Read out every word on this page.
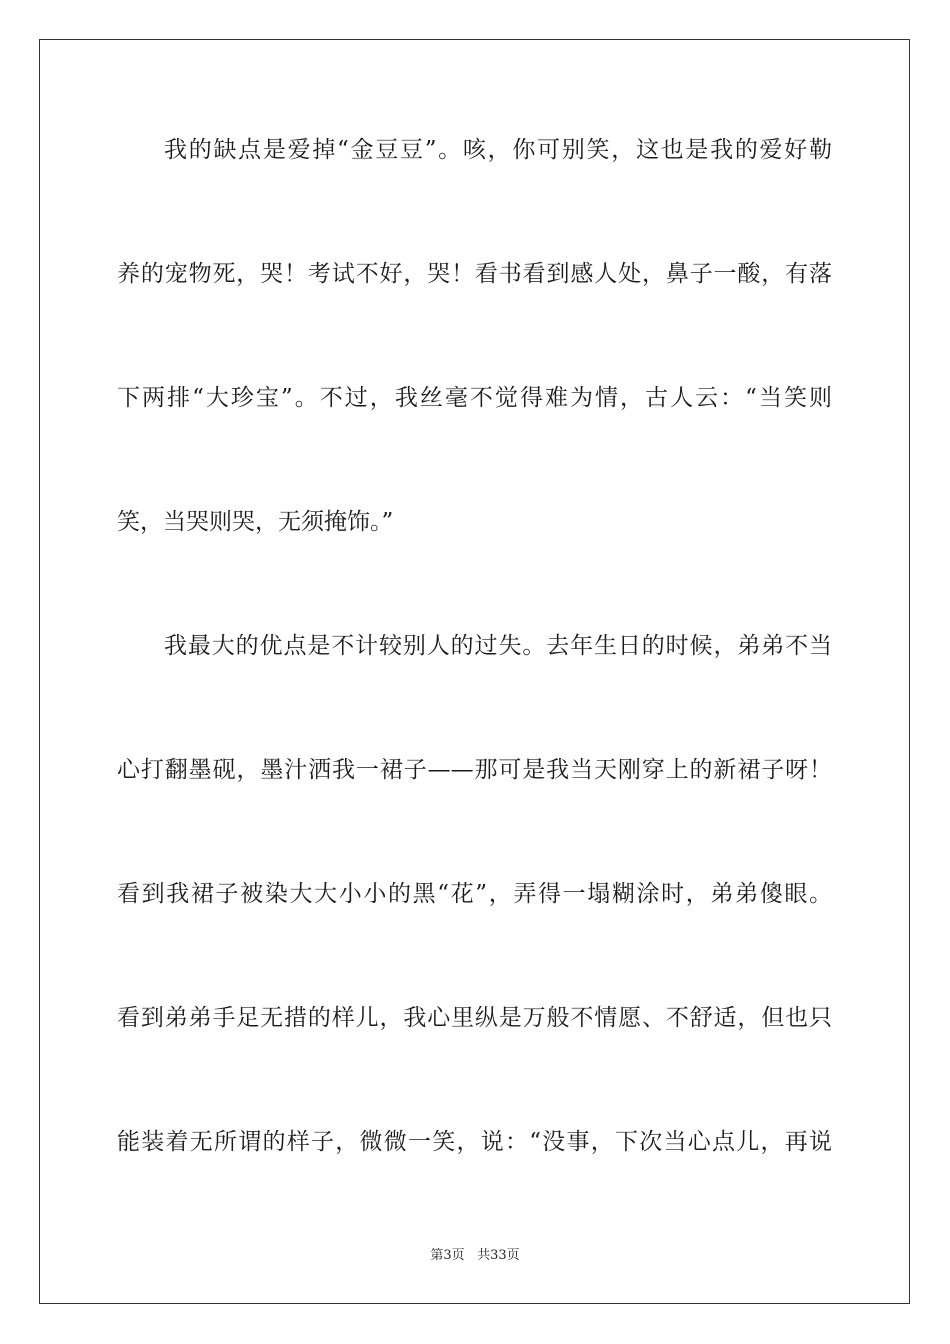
我的缺点是爱掉“金豆豆”。咳，你可别笑，这也是我的爱好勒
养的宠物死，哭！考试不好，哭！看书看到感人处，鼻子一酸，有落
下两排“大珍宝”。不过，我丝毫不觉得难为情，古人云：“当笑则
笑，当哭则哭，无须掩饰。”
我最大的优点是不计较别人的过失。去年生日的时候，弟弟不当
心打翻墨砚，墨汁洒我一裙子——那可是我当天刚穿上的新裙子呀！
看到我裙子被染大大小小的黑“花”，弄得一塌糊涂时，弟弟傻眼。
看到弟弟手足无措的样儿，我心里纵是万般不情愿、不舒适，但也只
能装着无所谓的样子，微微一笑，说：“没事，下次当心点儿，再说
第3页 共33页
